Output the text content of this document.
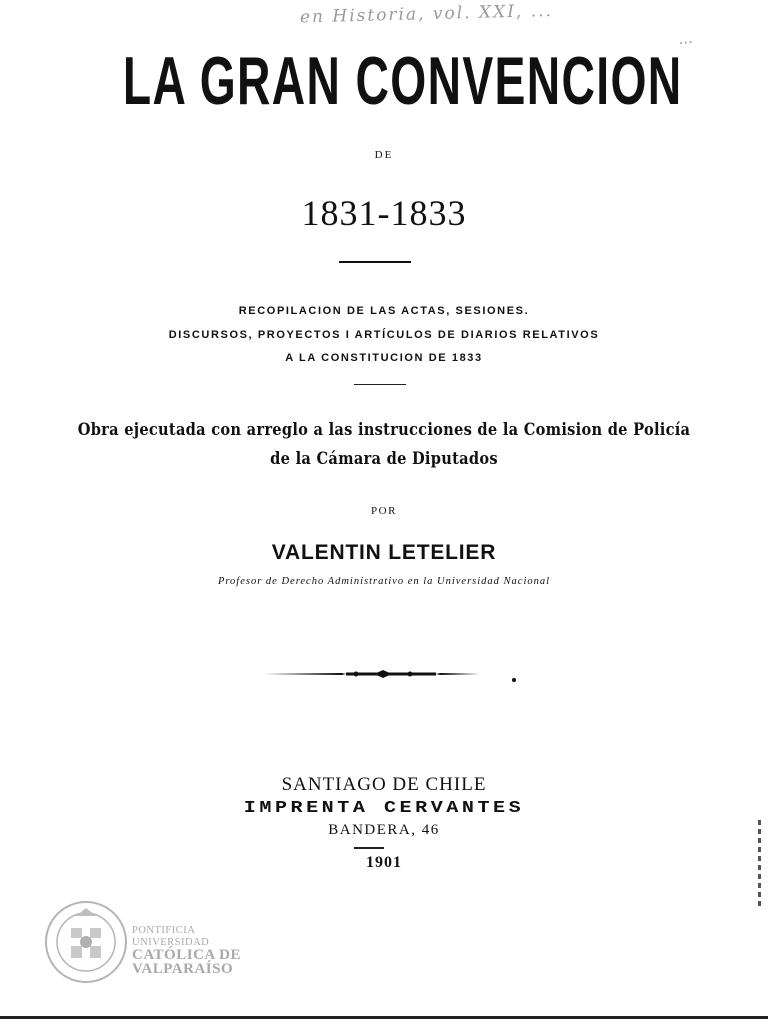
en Historia, vol. XXI, ...
...
LA GRAN CONVENCION
DE
1831-1833
RECOPILACION DE LAS ACTAS, SESIONES.
DISCURSOS, PROYECTOS I ARTÍCULOS DE DIARIOS RELATIVOS
A LA CONSTITUCION DE 1833
Obra ejecutada con arreglo a las instrucciones de la Comision de Policía
de la Cámara de Diputados
POR
VALENTIN LETELIER
Profesor de Derecho Administrativo en la Universidad Nacional
SANTIAGO DE CHILE
IMPRENTA CERVANTES
BANDERA, 46
1901
PONTIFICIA
UNIVERSIDAD
CATÓLICA DE
VALPARAÍSO
